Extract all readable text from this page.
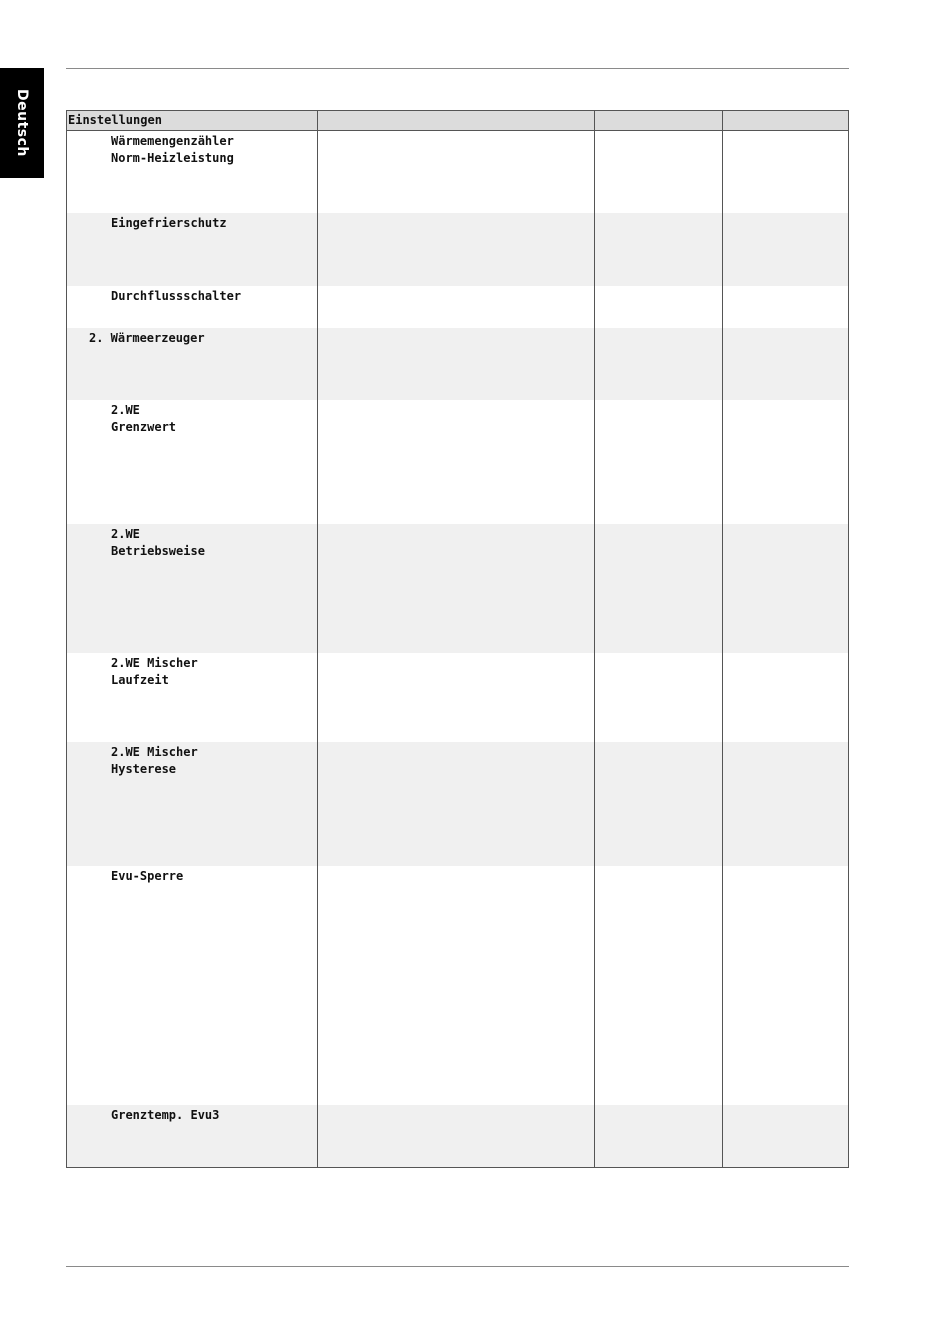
Deutsch	Einstellungen
Wärmemengenzähler
Norm-Heizleistung
Eingefrierschutz
Durchflussschalter
2. Wärmeerzeuger
2.WE
Grenzwert
2.WE
Betriebsweise
2.WE Mischer
Laufzeit
2.WE Mischer
Hysterese
Evu-Sperre
Grenztemp. Evu3
